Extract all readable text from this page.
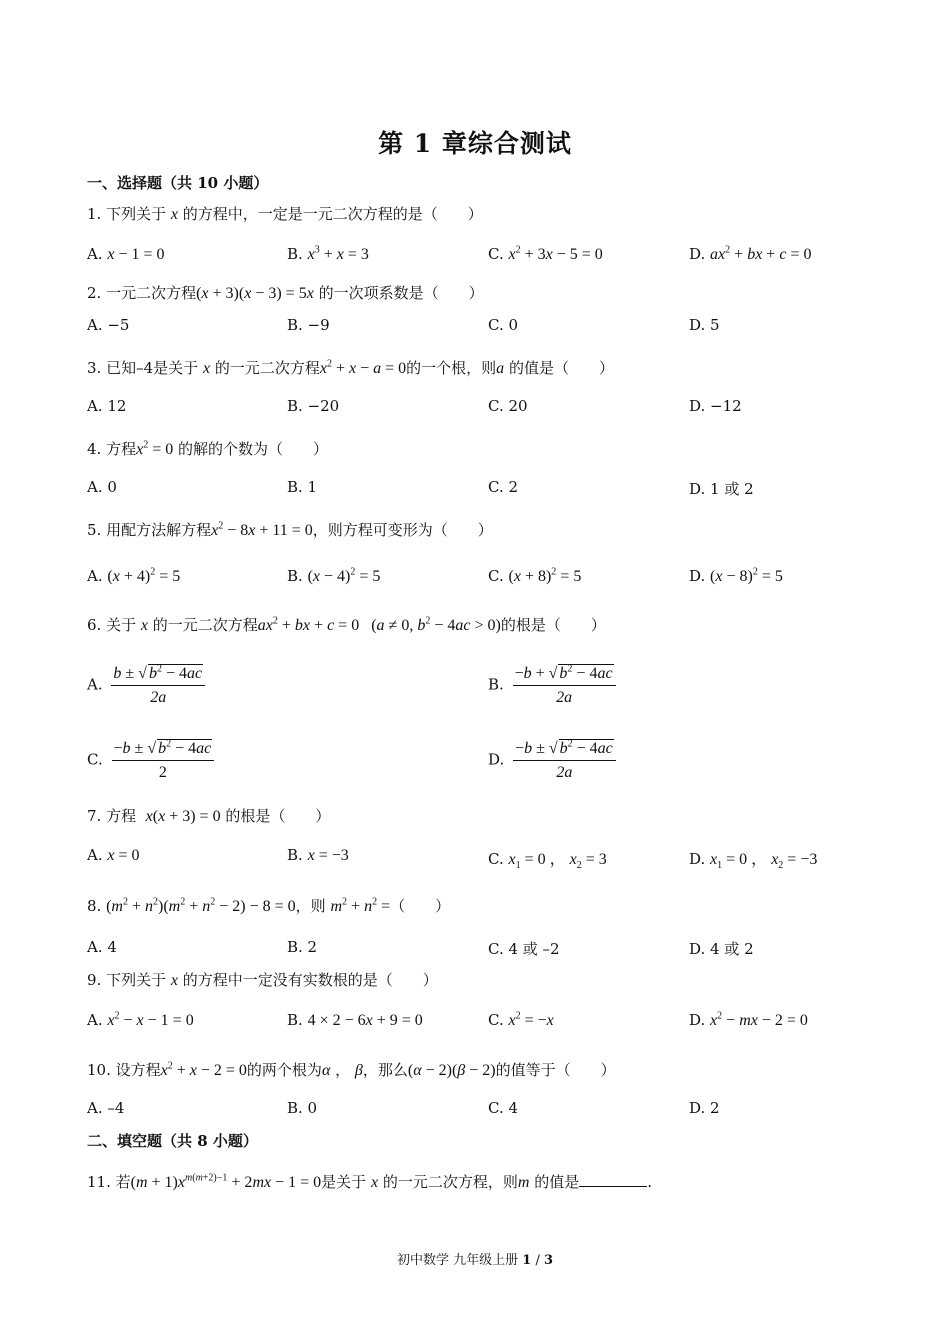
第 1 章综合测试
一、选择题（共 10 小题）
1. 下列关于 x 的方程中，一定是一元二次方程的是（　　）
A. x − 1 = 0	B. $x^3 + x = 3$	C. $x^2 + 3x - 5 = 0$	D. $ax^2$ + bx + c = 0
2. 一元二次方程(x + 3)(x − 3) = 5x 的一次项系数是（　　）
A. −5	B. −9	C. 0	D. 5
3. 已知–4是关于 x 的一元二次方程$x^2 + x - a = 0$的一个根，则a 的值是（　　）
A. 12	B. −20	C. 20	D. −12
4. 方程$x^2 = 0$ 的解的个数为（　　）
A. 0	B. 1	C. 2	D. 1 或 2
5. 用配方法解方程$x^2 - 8x + 11 = 0$，则方程可变形为（　　）
A. $(x + 4)^2 = 5$	B. $(x - 4)^2 = 5$	C. $(x + 8)^2 = 5$	D. $(x - 8)^2 = 5$
6. 关于 x 的一元二次方程$ax^2$ + bx + c = 0   (a ≠ 0, $b^2 - 4ac > 0$)的根是（　　）
A. $\frac{b \pm √ b^2 - 4ac}{2a}$	B. $\frac{-b + √ b^2 - 4ac}{2a}$
C. $\frac{-b \pm √ b^2 - 4ac}{2}$	D. $\frac{-b \pm √ b^2 - 4ac}{2a}$
7. 方程 x(x + 3) = 0 的根是（　　）
A. x = 0	B. x = −3	C. $x_1 = 0$ ， $x_2 = 3$	D. $x_1 = 0$ ， $x_2 = -3$
8. $(m^2 + n^2)(m^2 + n^2 - 2) - 8 = 0$，则 $m^2 + n^2$ =（　　）
A. 4	B. 2	C. 4 或 –2	D. 4 或 2
9. 下列关于 x 的方程中一定没有实数根的是（　　）
A. $x^2 - x - 1 = 0$	B. 4 × 2 − 6x + 9 = 0	C. $x^2 = -x$	D. $x^2$ − mx − 2 = 0
10. 设方程$x^2 + x - 2 = 0$的两个根为α ， β，那么(α − 2)(β − 2)的值等于（　　）
A. –4	B. 0	C. 4	D. 2
二、填空题（共 8 小题）
11. 若$(m + 1)x^{m(m+2)-1} + 2mx - 1 = 0$是关于 x 的一元二次方程，则m 的值是	.
初中数学 九年级上册 1 / 3
